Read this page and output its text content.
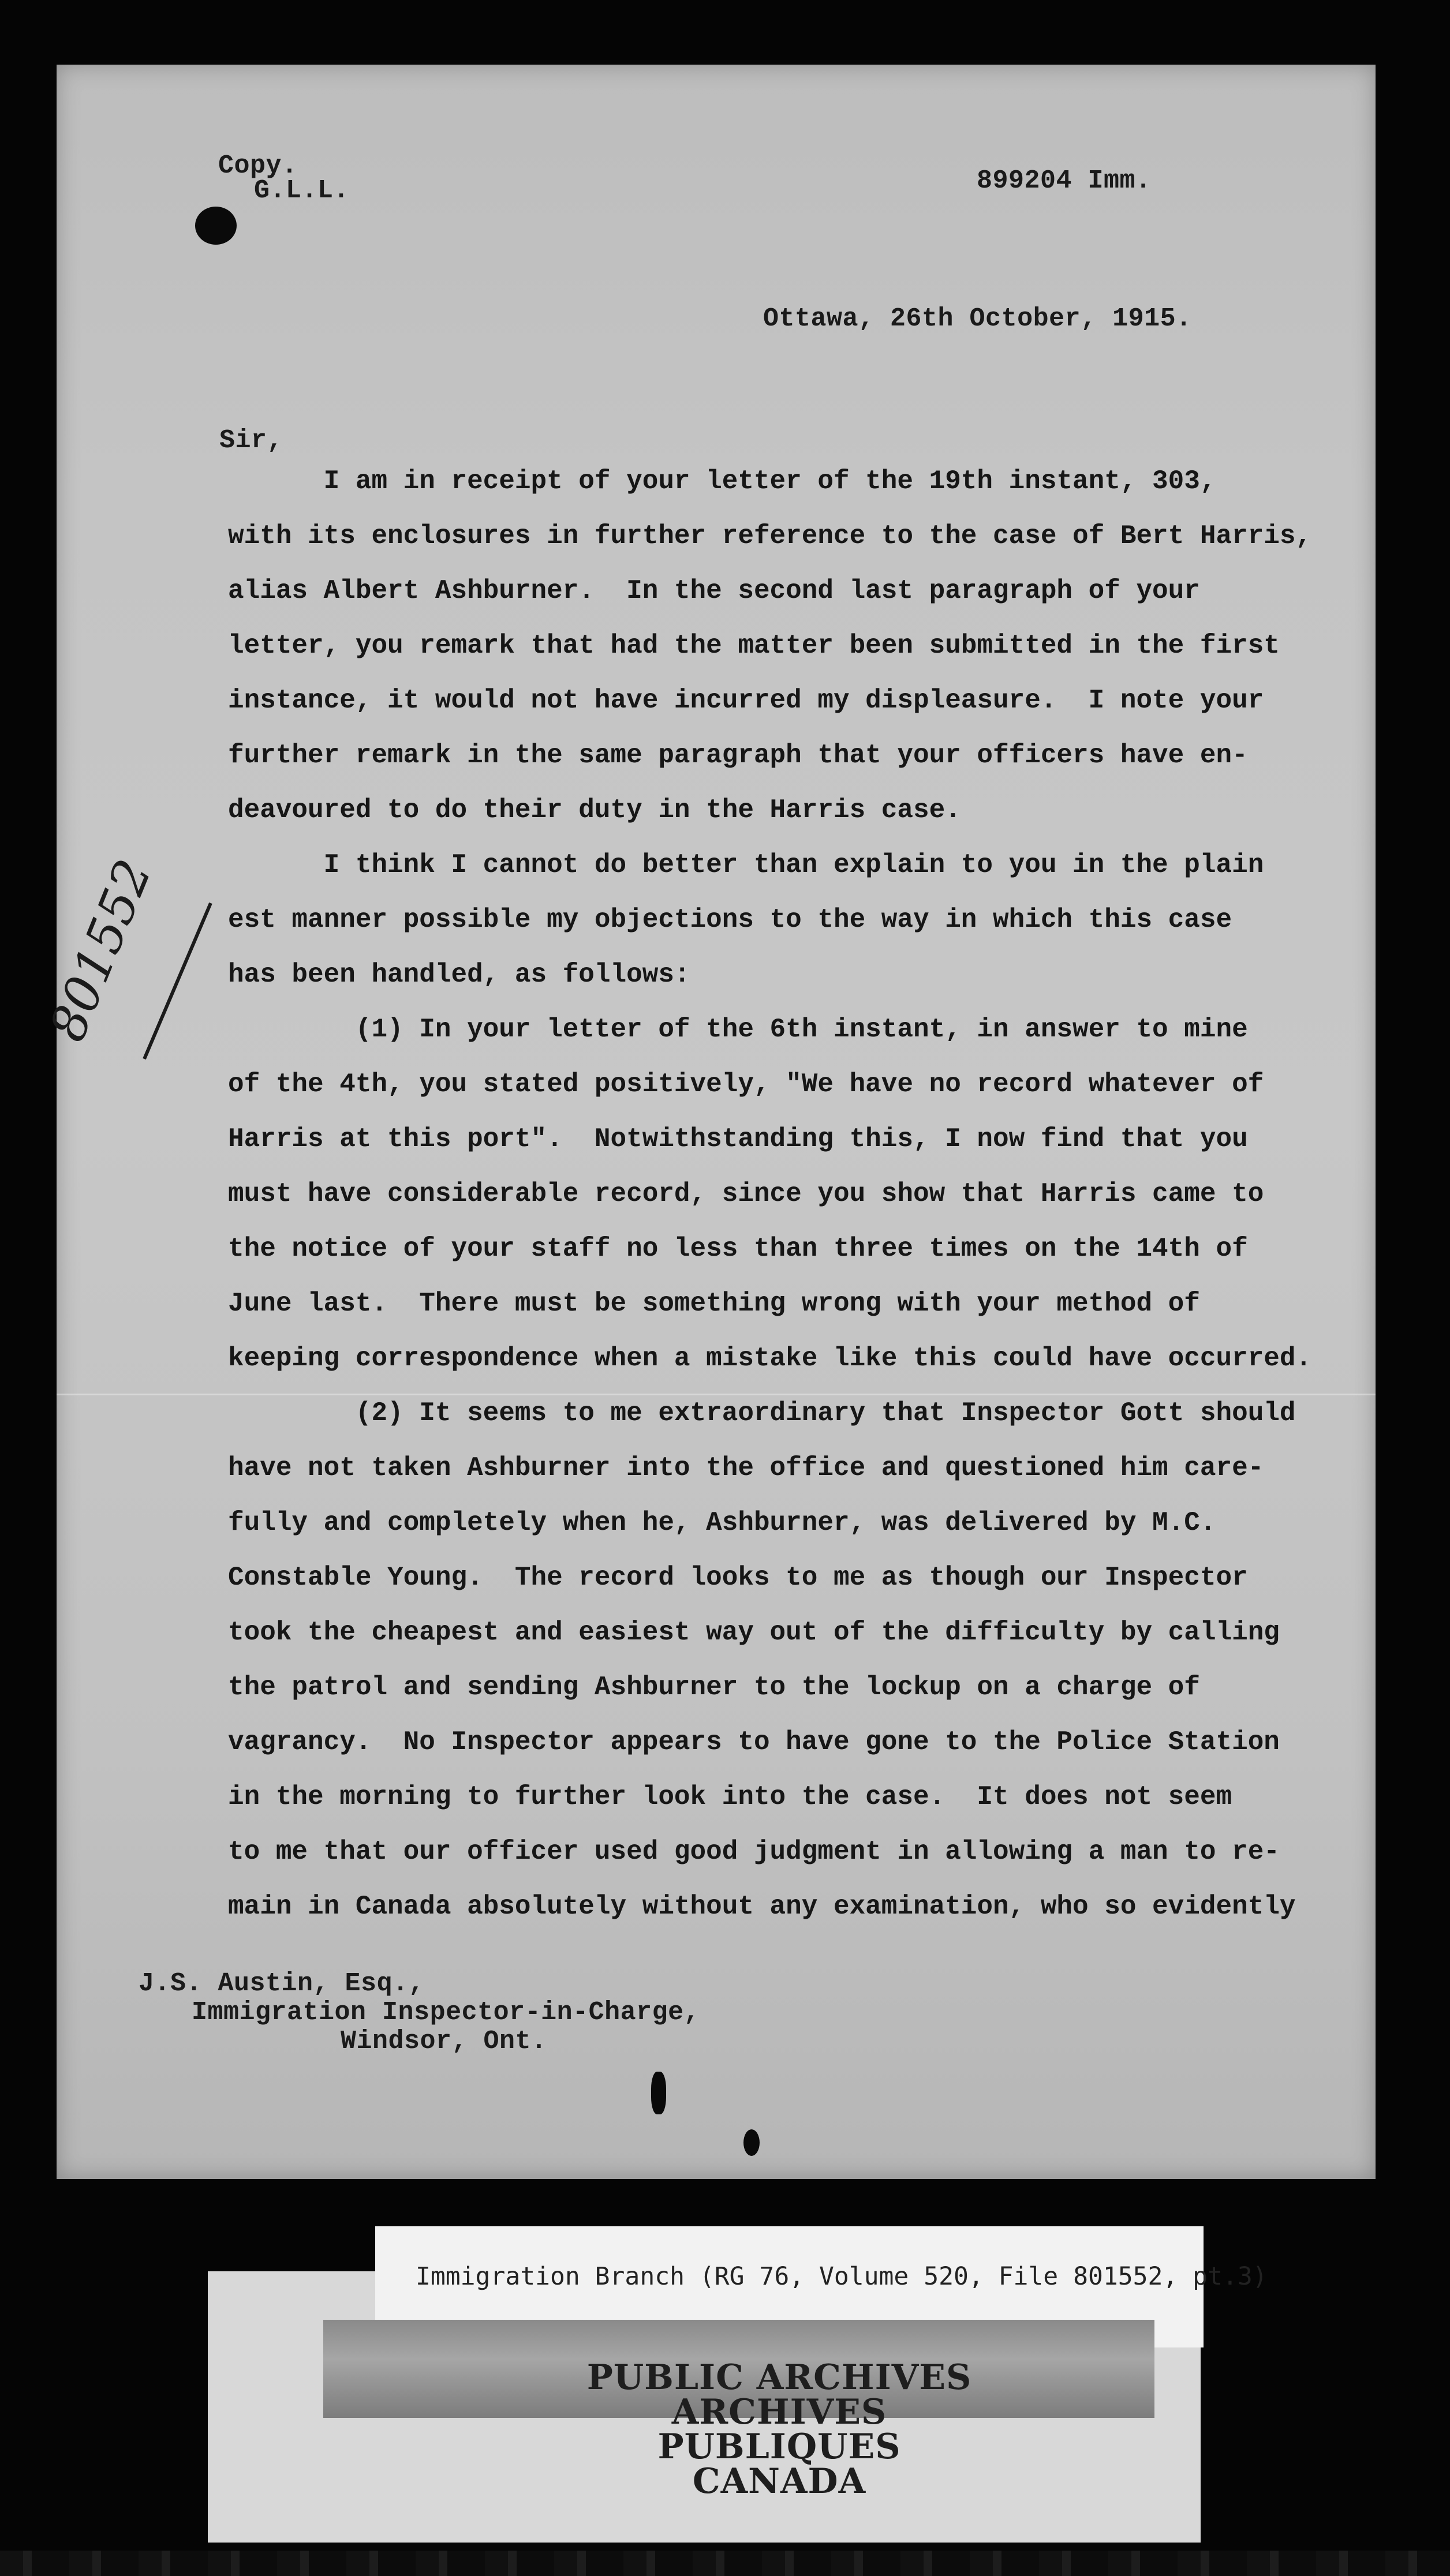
Copy.
G.L.L.	899204 Imm.
Ottawa, 26th October, 1915.
Sir,
I am in receipt of your letter of the 19th instant, 303,
with its enclosures in further reference to the case of Bert Harris,
alias Albert Ashburner.  In the second last paragraph of your
letter, you remark that had the matter been submitted in the first
instance, it would not have incurred my displeasure.  I note your
further remark in the same paragraph that your officers have en-
deavoured to do their duty in the Harris case.
I think I cannot do better than explain to you in the plain
est manner possible my objections to the way in which this case
has been handled, as follows:
(1) In your letter of the 6th instant, in answer to mine
of the 4th, you stated positively, "We have no record whatever of
Harris at this port".  Notwithstanding this, I now find that you
must have considerable record, since you show that Harris came to
the notice of your staff no less than three times on the 14th of
June last.  There must be something wrong with your method of
keeping correspondence when a mistake like this could have occurred.
(2) It seems to me extraordinary that Inspector Gott should
have not taken Ashburner into the office and questioned him care-
fully and completely when he, Ashburner, was delivered by M.C.
Constable Young.  The record looks to me as though our Inspector
took the cheapest and easiest way out of the difficulty by calling
the patrol and sending Ashburner to the lockup on a charge of
vagrancy.  No Inspector appears to have gone to the Police Station
in the morning to further look into the case.  It does not seem
to me that our officer used good judgment in allowing a man to re-
main in Canada absolutely without any examination, who so evidently
801552
J.S. Austin, Esq.,
Immigration Inspector-in-Charge,
Windsor, Ont.
Immigration Branch (RG 76, Volume 520, File 801552, pt.3)
PUBLIC ARCHIVES
ARCHIVES PUBLIQUES
CANADA
